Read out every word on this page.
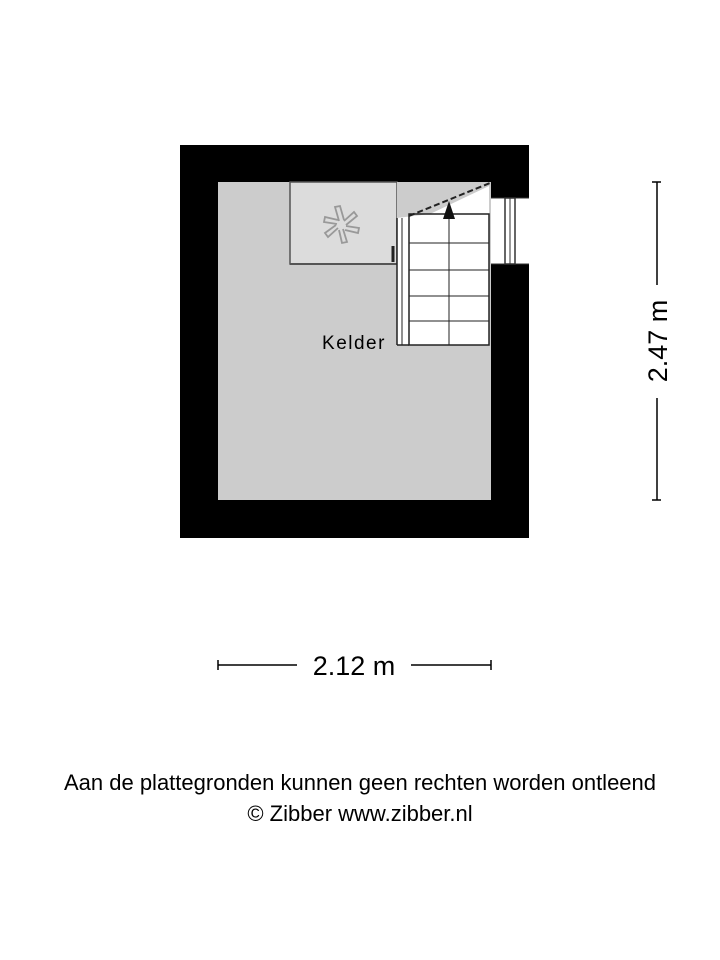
Kelder	2.47 m
2.12 m
Aan de plattegronden kunnen geen rechten worden ontleend
© Zibber www.zibber.nl
